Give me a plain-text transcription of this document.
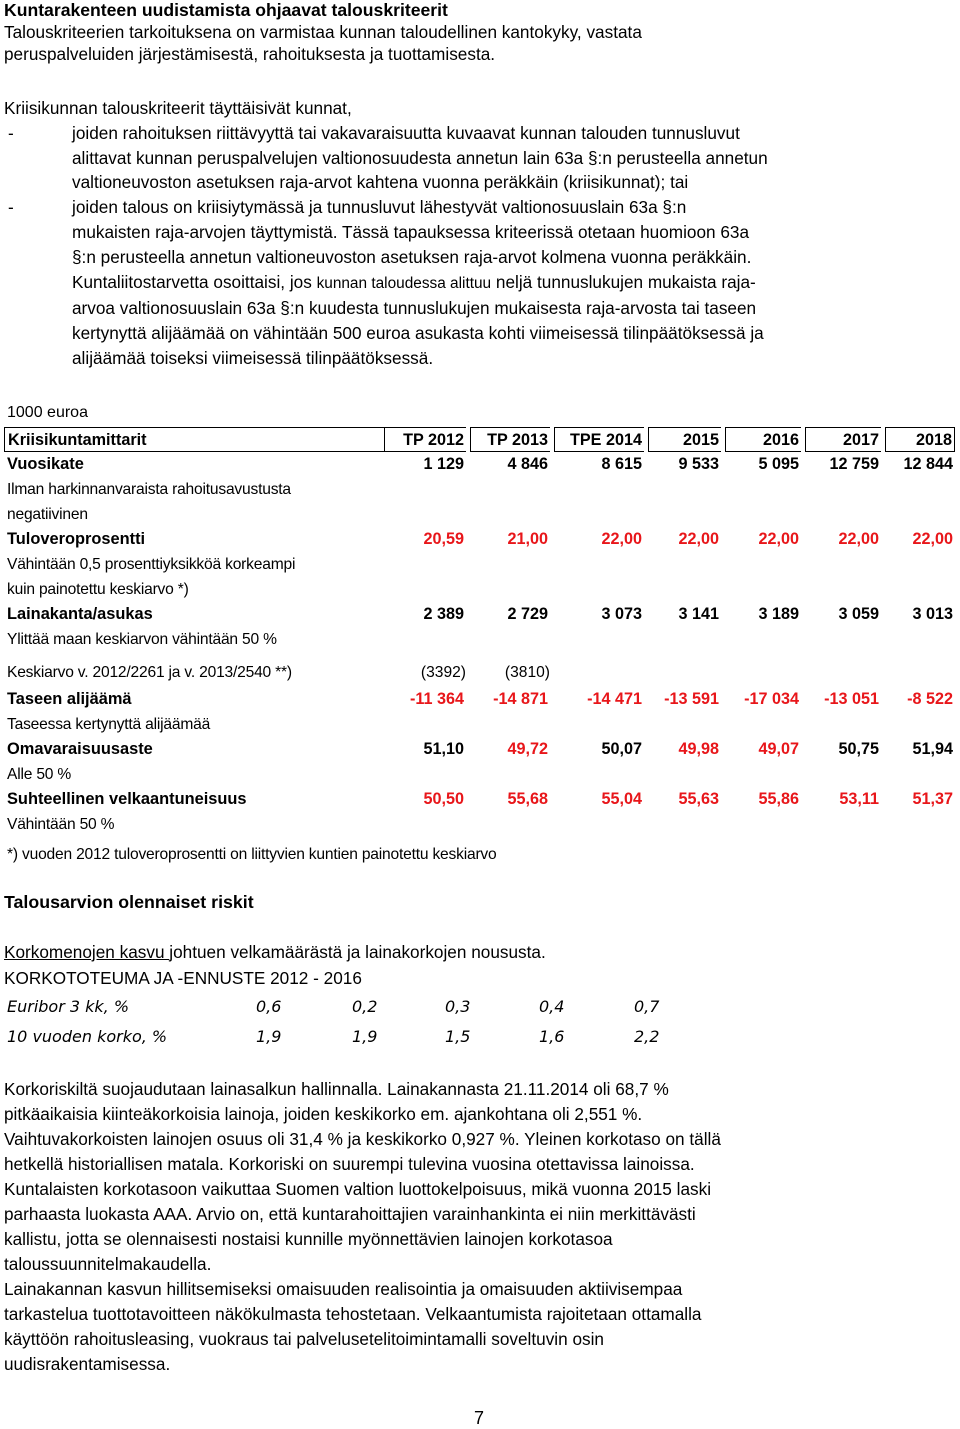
Kuntarakenteen uudistamista ohjaavat talouskriteerit
Talouskriteerien tarkoituksena on varmistaa kunnan taloudellinen kantokyky, vastata
peruspalveluiden järjestämisestä, rahoituksesta ja tuottamisesta.
Kriisikunnan talouskriteerit täyttäisivät kunnat,
-	joiden rahoituksen riittävyyttä tai vakavaraisuutta kuvaavat kunnan talouden tunnusluvut
alittavat kunnan peruspalvelujen valtionosuudesta annetun lain 63a §:n perusteella annetun
valtioneuvoston asetuksen raja-arvot kahtena vuonna peräkkäin (kriisikunnat); tai
-	joiden talous on kriisiytymässä ja tunnusluvut lähestyvät valtionosuuslain 63a §:n
mukaisten raja-arvojen täyttymistä. Tässä tapauksessa kriteerissä otetaan huomioon 63a
§:n perusteella annetun valtioneuvoston asetuksen raja-arvot kolmena vuonna peräkkäin.
Kuntaliitostarvetta osoittaisi, jos kunnan taloudessa alittuu neljä tunnuslukujen mukaista raja-
arvoa valtionosuuslain 63a §:n kuudesta tunnuslukujen mukaisesta raja-arvosta tai taseen
kertynyttä alijäämää on vähintään 500 euroa asukasta kohti viimeisessä tilinpäätöksessä ja
alijäämää toiseksi viimeisessä tilinpäätöksessä.
1000 euroa
Kriisikuntamittarit	TP 2012	TP 2013	TPE 2014	2015	2016	2017	2018
Vuosikate	1 129	4 846	8 615	9 533	5 095	12 759	12 844
Ilman harkinnanvaraista rahoitusavustusta
negatiivinen
Tuloveroprosentti	20,59	21,00	22,00	22,00	22,00	22,00	22,00
Vähintään 0,5 prosenttiyksikköä korkeampi
kuin painotettu keskiarvo *)
Lainakanta/asukas	2 389	2 729	3 073	3 141	3 189	3 059	3 013
Ylittää maan keskiarvon vähintään 50 %
Keskiarvo v. 2012/2261 ja v. 2013/2540 **)	(3392)	(3810)
Taseen alijäämä	-11 364	-14 871	-14 471	-13 591	-17 034	-13 051	-8 522
Taseessa kertynyttä alijäämää
Omavaraisuusaste	51,10	49,72	50,07	49,98	49,07	50,75	51,94
Alle 50 %
Suhteellinen velkaantuneisuus	50,50	55,68	55,04	55,63	55,86	53,11	51,37
Vähintään 50 %
*) vuoden 2012 tuloveroprosentti on liittyvien kuntien painotettu keskiarvo
Talousarvion olennaiset riskit
Korkomenojen kasvu johtuen velkamäärästä ja lainakorkojen noususta.
KORKOTOTEUMA JA -ENNUSTE 2012 - 2016
Euribor 3 kk, %	0,6	0,2	0,3	0,4	0,7
10 vuoden korko, %	1,9	1,9	1,5	1,6	2,2
Korkoriskiltä suojaudutaan lainasalkun hallinnalla. Lainakannasta 21.11.2014 oli 68,7 %
pitkäaikaisia kiinteäkorkoisia lainoja, joiden keskikorko em. ajankohtana oli 2,551 %.
Vaihtuvakorkoisten lainojen osuus oli 31,4 % ja keskikorko 0,927 %. Yleinen korkotaso on tällä
hetkellä historiallisen matala. Korkoriski on suurempi tulevina vuosina otettavissa lainoissa.
Kuntalaisten korkotasoon vaikuttaa Suomen valtion luottokelpoisuus, mikä vuonna 2015 laski
parhaasta luokasta AAA. Arvio on, että kuntarahoittajien varainhankinta ei niin merkittävästi
kallistu, jotta se olennaisesti nostaisi kunnille myönnettävien lainojen korkotasoa
taloussuunnitelmakaudella.
Lainakannan kasvun hillitsemiseksi omaisuuden realisointia ja omaisuuden aktiivisempaa
tarkastelua tuottotavoitteen näkökulmasta tehostetaan. Velkaantumista rajoitetaan ottamalla
käyttöön rahoitusleasing, vuokraus tai palvelusetelitoimintamalli soveltuvin osin
uudisrakentamisessa.
7
